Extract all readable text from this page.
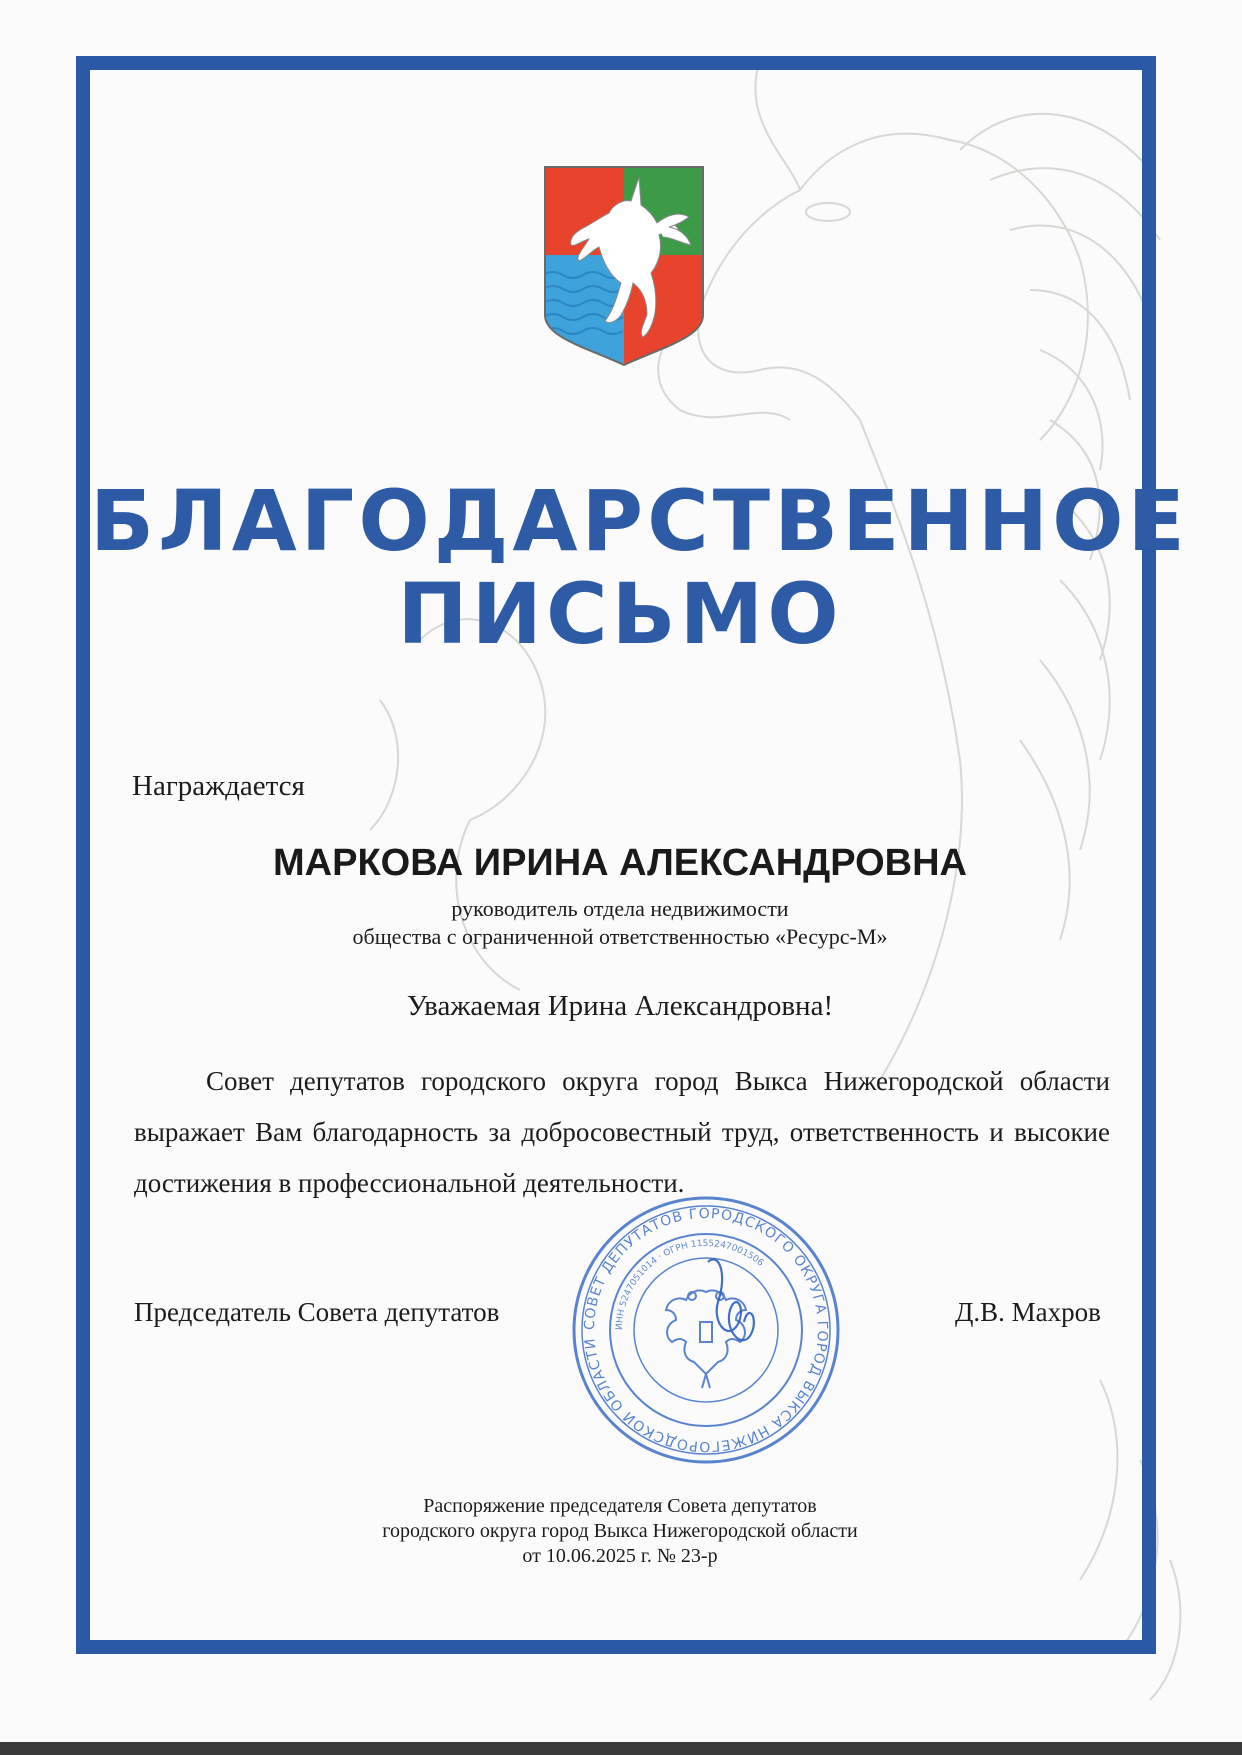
БЛАГОДАРСТВЕННОЕ
ПИСЬМО
Награждается
МАРКОВА ИРИНА АЛЕКСАНДРОВНА
руководитель отдела недвижимости
общества с ограниченной ответственностью «Ресурс-М»
Уважаемая Ирина Александровна!
Совет депутатов городского округа город Выкса Нижегородской области выражает Вам благодарность за добросовестный труд, ответственность и высокие достижения в профессиональной деятельности.
Председатель Совета депутатов	Д.В. Махров
СОВЕТ ДЕПУТАТОВ ГОРОДСКОГО ОКРУГА ГОРОД ВЫКСА НИЖЕГОРОДСКОЙ ОБЛАСТИ
ИНН 5247051014 · ОГРН 1155247001506
Распоряжение председателя Совета депутатов
городского округа город Выкса Нижегородской области
от 10.06.2025 г. № 23-р
